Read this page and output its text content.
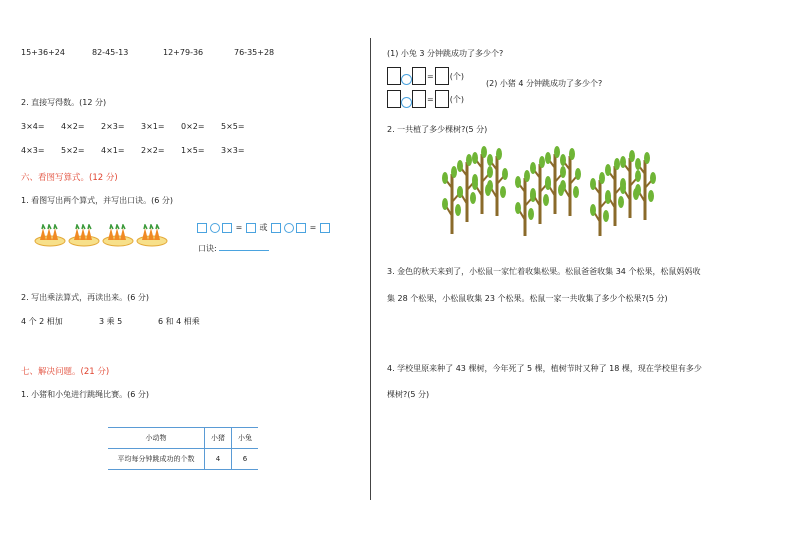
15+36+24	82-45-13	12+79-36	76-35+28
2. 直接写得数。(12 分)
3×4= 4×2= 2×3= 3×1= 0×2= 5×5=
4×3= 5×2= 4×1= 2×2= 1×5= 3×3=
六、看图写算式。(12 分)
1. 看图写出两个算式，并写出口诀。(6 分)
= 或	=
口诀:
2. 写出乘法算式，再读出来。(6 分)
4 个 2 相加	3 乘 5	6 和 4 相乘
七、解决问题。(21 分)
1. 小猪和小兔进行跳绳比赛。(6 分)
小动物	小猪	小兔
平均每分钟跳成功的个数	4	6
(1) 小兔 3 分钟跳成功了多少个?
= (个)
(2) 小猪 4 分钟跳成功了多少个?
= (个)
2. 一共植了多少棵树?(5 分)
3. 金色的秋天来到了，小松鼠一家忙着收集松果。松鼠爸爸收集 34 个松果，松鼠妈妈收
集 28 个松果，小松鼠收集 23 个松果。松鼠一家一共收集了多少个松果?(5 分)
4. 学校里原来种了 43 棵树，今年死了 5 棵，植树节时又种了 18 棵，现在学校里有多少
棵树?(5 分)
